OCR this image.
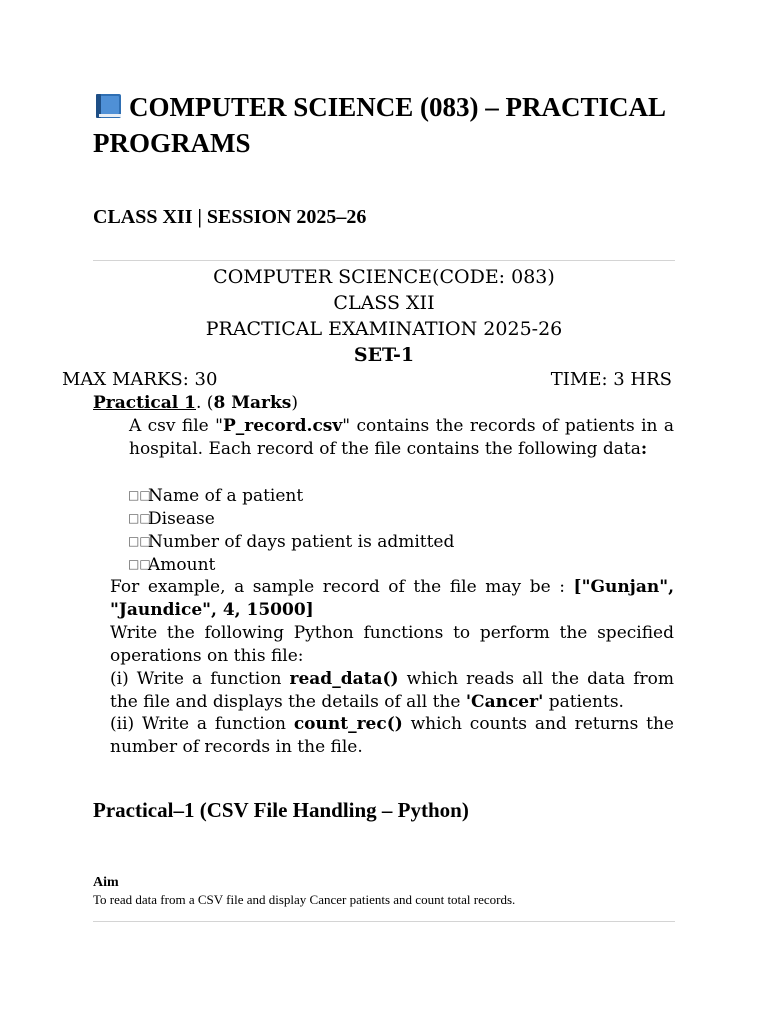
COMPUTER SCIENCE (083) – PRACTICAL PROGRAMS
CLASS XII | SESSION 2025–26
COMPUTER SCIENCE(CODE: 083)
CLASS XII
PRACTICAL EXAMINATION 2025-26
SET-1
MAX MARKS: 30	TIME: 3 HRS
Practical 1. (8 Marks)
A csv file "P_record.csv" contains the records of patients in a hospital. Each record of the file contains the following data:
□□Name of a patient
□□Disease
□□Number of days patient is admitted
□□Amount
For example, a sample record of the file may be : ["Gunjan", "Jaundice", 4, 15000]
Write the following Python functions to perform the specified operations on this file:
(i) Write a function read_data() which reads all the data from the file and displays the details of all the 'Cancer' patients.
(ii) Write a function count_rec() which counts and returns the number of records in the file.
Practical–1 (CSV File Handling – Python)
Aim
To read data from a CSV file and display Cancer patients and count total records.
